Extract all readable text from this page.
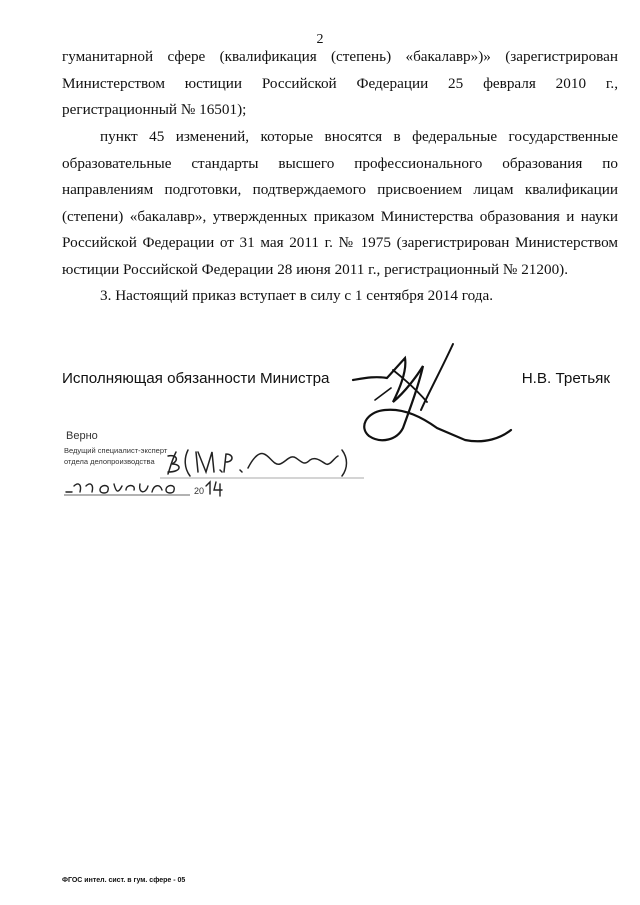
2

гуманитарной сфере (квалификация (степень) «бакалавр»)» (зарегистрирован Министерством юстиции Российской Федерации 25 февраля 2010 г., регистрационный № 16501);

пункт 45 изменений, которые вносятся в федеральные государственные образовательные стандарты высшего профессионального образования по направлениям подготовки, подтверждаемого присвоением лицам квалификации (степени) «бакалавр», утвержденных приказом Министерства образования и науки Российской Федерации от 31 мая 2011 г. № 1975 (зарегистрирован Министерством юстиции Российской Федерации 28 июня 2011 г., регистрационный № 21200).

3. Настоящий приказ вступает в силу с 1 сентября 2014 года.

Исполняющая обязанности Министра	Н.В. Третьяк
Верно
Ведущий специалист-эксперт
отдела делопроизводства
20
ФГОС интел. сист. в гум. сфере - 05
